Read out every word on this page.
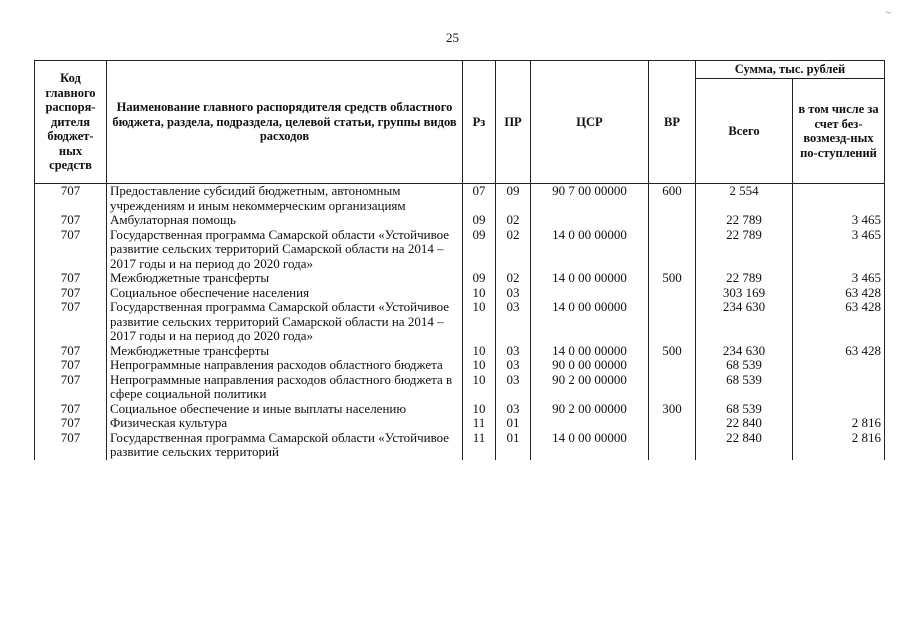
25
~
Код главного распоря-дителя бюджет-ных средств	Наименование главного распорядителя средств областного бюджета, раздела, подраздела, целевой статьи, группы видов расходов	Рз	ПР	ЦСР	ВР	Сумма, тыс. рублей	
						Всего	в том числе за счет без-возмезд-ных по-ступлений
707	Предоставление субсидий бюджетным, автономным учреждениям и иным некоммерческим организациям	07	09	90 7 00 00000	600	2 554	
707	Амбулаторная помощь	09	02			22 789	3 465
707	Государственная программа Самарской области «Устойчивое развитие сельских территорий Самарской области на 2014 – 2017 годы и на период до 2020 года»	09	02	14 0 00 00000		22 789	3 465
707	Межбюджетные трансферты	09	02	14 0 00 00000	500	22 789	3 465
707	Социальное обеспечение населения	10	03			303 169	63 428
707	Государственная программа Самарской области «Устойчивое развитие сельских территорий Самарской области на 2014 – 2017 годы и на период до 2020 года»	10	03	14 0 00 00000		234 630	63 428
707	Межбюджетные трансферты	10	03	14 0 00 00000	500	234 630	63 428
707	Непрограммные направления расходов областного бюджета	10	03	90 0 00 00000		68 539	
707	Непрограммные направления расходов областного бюджета в сфере социальной политики	10	03	90 2 00 00000		68 539	
707	Социальное обеспечение и иные выплаты населению	10	03	90 2 00 00000	300	68 539	
707	Физическая культура	11	01			22 840	2 816
707	Государственная программа Самарской области «Устойчивое развитие сельских территорий	11	01	14 0 00 00000		22 840	2 816
